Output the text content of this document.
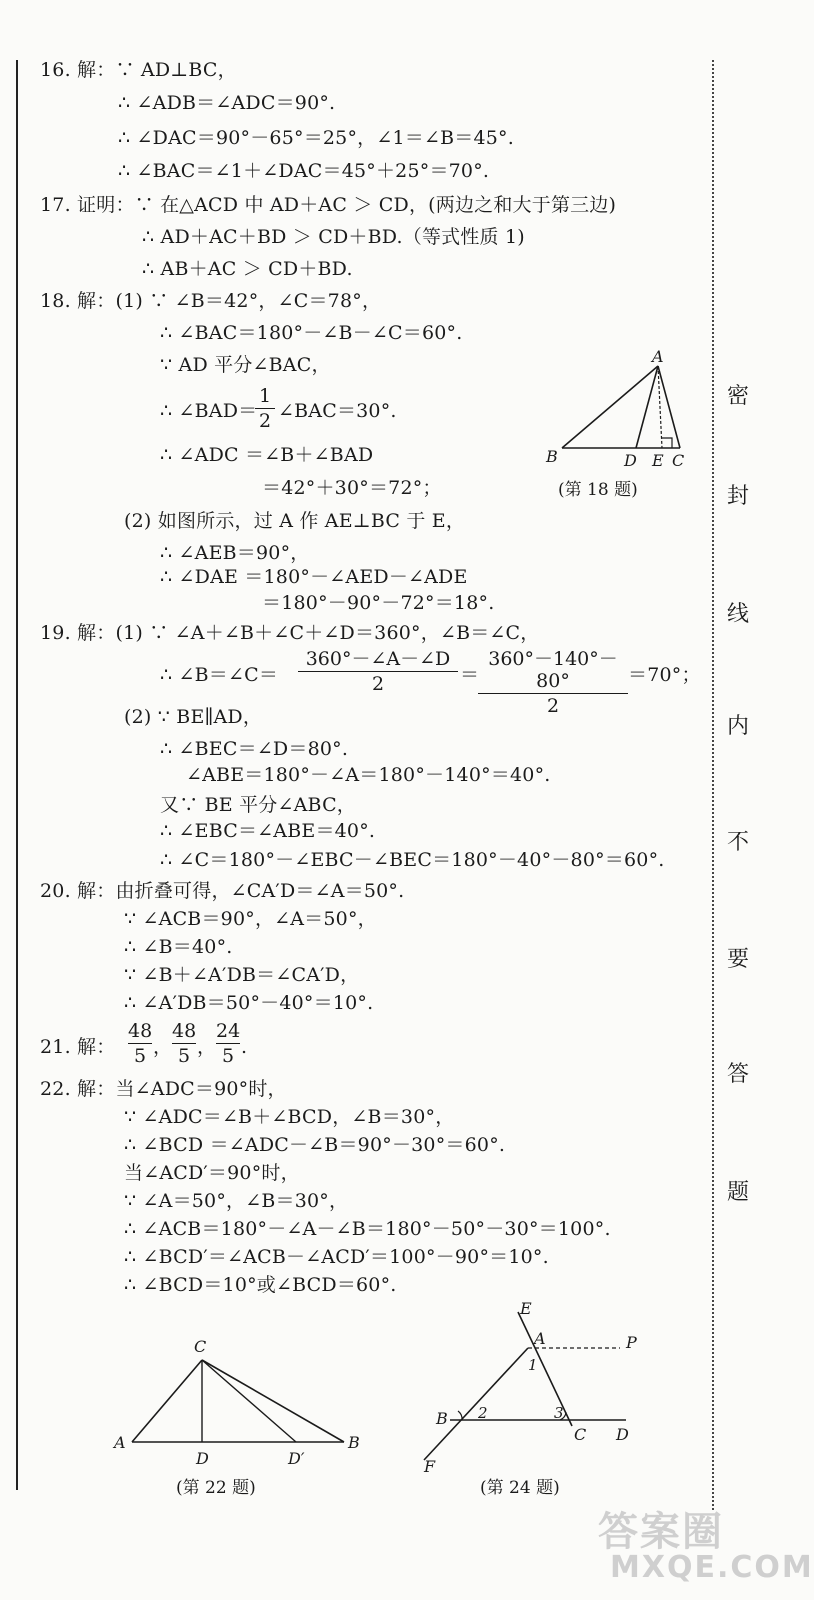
16. 解：∵ AD⊥BC，
∴ ∠ADB＝∠ADC＝90°.
∴ ∠DAC＝90°－65°＝25°，∠1＝∠B＝45°.
∴ ∠BAC＝∠1＋∠DAC＝45°＋25°＝70°.
17. 证明：∵ 在△ACD 中 AD＋AC ＞ CD，(两边之和大于第三边)
∴ AD＋AC＋BD ＞ CD＋BD.（等式性质 1)
∴ AB＋AC ＞ CD＋BD.
18. 解：(1) ∵ ∠B＝42°，∠C＝78°，
∴ ∠BAC＝180°－∠B－∠C＝60°.
∵ AD 平分∠BAC，
∴ ∠BAD＝
1
2 ∠BAC＝30°.
∴ ∠ADC ＝∠B＋∠BAD
＝42°＋30°＝72°；
(2) 如图所示，过 A 作 AE⊥BC 于 E，
∴ ∠AEB＝90°，
∴ ∠DAE ＝180°－∠AED－∠ADE
＝180°－90°－72°＝18°.
A
B	D E C
(第 18 题)
19. 解：(1) ∵ ∠A＋∠B＋∠C＋∠D＝360°，∠B＝∠C，
∴ ∠B＝∠C＝
360°－∠A－∠D
2	＝
360°－140°－80°
2
＝70°；
(2) ∵ BE∥AD，
∴ ∠BEC＝∠D＝80°.
∠ABE＝180°－∠A＝180°－140°＝40°.
又∵ BE 平分∠ABC，
∴ ∠EBC＝∠ABE＝40°.
∴ ∠C＝180°－∠EBC－∠BEC＝180°－40°－80°＝60°.
20. 解：由折叠可得，∠CA′D＝∠A＝50°.
∵ ∠ACB＝90°，∠A＝50°，
∴ ∠B＝40°.
∵ ∠B＋∠A′DB＝∠CA′D，
∴ ∠A′DB＝50°－40°＝10°.
21. 解：
48
5 ，
48
5 ，
24
5 .
22. 解：当∠ADC＝90°时，
∵ ∠ADC＝∠B＋∠BCD，∠B＝30°，
∴ ∠BCD ＝∠ADC－∠B＝90°－30°＝60°.
当∠ACD′＝90°时，
∵ ∠A＝50°，∠B＝30°，
∴ ∠ACB＝180°－∠A－∠B＝180°－50°－30°＝100°.
∴ ∠BCD′＝∠ACB－∠ACD′＝100°－90°＝10°.
∴ ∠BCD＝10°或∠BCD＝60°.
C
A
D	D′
B
(第 22 题)
E
A	P
1
B 2	3
C D
F
(第 24 题)
密
封
线
内
不
要
答
题
答案圈
MXQE.COM
